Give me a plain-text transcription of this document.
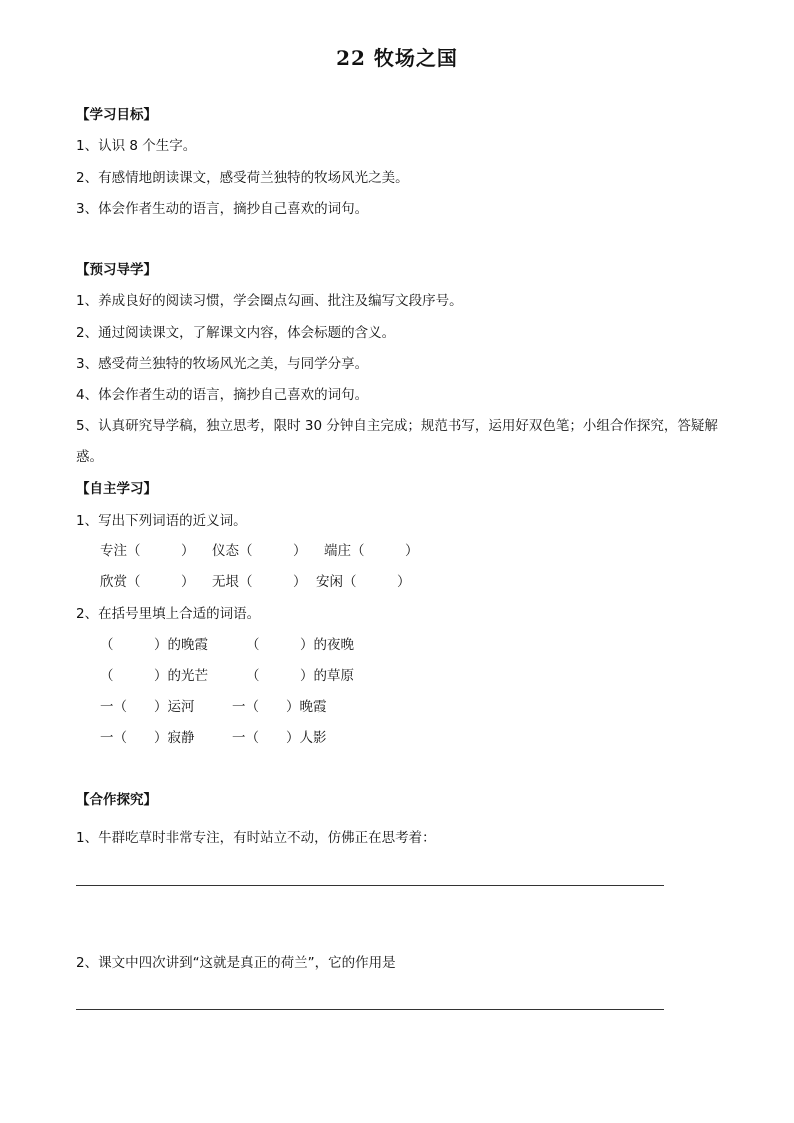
22 牧场之国
【学习目标】
1、认识 8 个生字。
2、有感情地朗读课文，感受荷兰独特的牧场风光之美。
3、体会作者生动的语言，摘抄自己喜欢的词句。
【预习导学】
1、养成良好的阅读习惯，学会圈点勾画、批注及编写文段序号。
2、通过阅读课文，了解课文内容，体会标题的含义。
3、感受荷兰独特的牧场风光之美，与同学分享。
4、体会作者生动的语言，摘抄自己喜欢的词句。
5、认真研究导学稿，独立思考，限时 30 分钟自主完成；规范书写，运用好双色笔；小组合作探究，答疑解惑。
【自主学习】
1、写出下列词语的近义词。
专注（　　　） 仪态（　　　） 端庄（　　　）
欣赏（　　　） 无垠（　　　） 安闲（　　　）
2、在括号里填上合适的词语。
（　　　）的晚霞	（　　　）的夜晚
（　　　）的光芒	（　　　）的草原
一（　　）运河	一（　　）晚霞
一（　　）寂静	一（　　）人影
【合作探究】
1、牛群吃草时非常专注，有时站立不动，仿佛正在思考着：
2、课文中四次讲到“这就是真正的荷兰”，它的作用是
